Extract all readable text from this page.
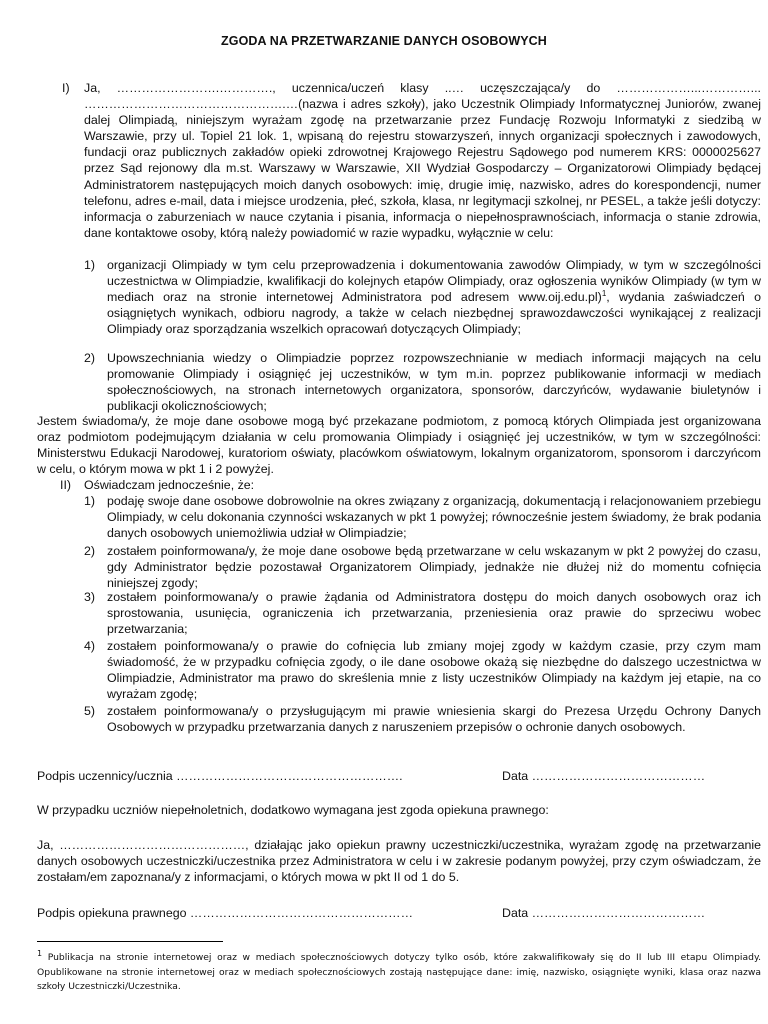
ZGODA NA PRZETWARZANIE DANYCH OSOBOWYCH
I) Ja, …………………….…………., uczennica/uczeń klasy ..… uczęszczająca/y do ………………...…………... ………………………………………….…(nazwa i adres szkoły), jako Uczestnik Olimpiady Informatycznej Juniorów, zwanej dalej Olimpiadą, niniejszym wyrażam zgodę na przetwarzanie przez Fundację Rozwoju Informatyki z siedzibą w Warszawie, przy ul. Topiel 21 lok. 1, wpisaną do rejestru stowarzyszeń, innych organizacji społecznych i zawodowych, fundacji oraz publicznych zakładów opieki zdrowotnej Krajowego Rejestru Sądowego pod numerem KRS: 0000025627 przez Sąd rejonowy dla m.st. Warszawy w Warszawie, XII Wydział Gospodarczy – Organizatorowi Olimpiady będącej Administratorem następujących moich danych osobowych: imię, drugie imię, nazwisko, adres do korespondencji, numer telefonu, adres e-mail, data i miejsce urodzenia, płeć, szkoła, klasa, nr legitymacji szkolnej, nr PESEL, a także jeśli dotyczy: informacja o zaburzeniach w nauce czytania i pisania, informacja o niepełnosprawnościach, informacja o stanie zdrowia, dane kontaktowe osoby, którą należy powiadomić w razie wypadku, wyłącznie w celu:
1) organizacji Olimpiady w tym celu przeprowadzenia i dokumentowania zawodów Olimpiady, w tym w szczególności uczestnictwa w Olimpiadzie, kwalifikacji do kolejnych etapów Olimpiady, oraz ogłoszenia wyników Olimpiady (w tym w mediach oraz na stronie internetowej Administratora pod adresem www.oij.edu.pl)$^1$, wydania zaświadczeń o osiągniętych wynikach, odbioru nagrody, a także w celach niezbędnej sprawozdawczości wynikającej z realizacji Olimpiady oraz sporządzania wszelkich opracowań dotyczących Olimpiady;
2) Upowszechniania wiedzy o Olimpiadzie poprzez rozpowszechnianie w mediach informacji mających na celu promowanie Olimpiady i osiągnięć jej uczestników, w tym m.in. poprzez publikowanie informacji w mediach społecznościowych, na stronach internetowych organizatora, sponsorów, darczyńców, wydawanie biuletynów i publikacji okolicznościowych;
Jestem świadoma/y, że moje dane osobowe mogą być przekazane podmiotom, z pomocą których Olimpiada jest organizowana oraz podmiotom podejmującym działania w celu promowania Olimpiady i osiągnięć jej uczestników, w tym w szczególności: Ministerstwu Edukacji Narodowej, kuratoriom oświaty, placówkom oświatowym, lokalnym organizatorom, sponsorom i darczyńcom w celu, o którym mowa w pkt 1 i 2 powyżej.
II) Oświadczam jednocześnie, że:
1) podaję swoje dane osobowe dobrowolnie na okres związany z organizacją, dokumentacją i relacjonowaniem przebiegu Olimpiady, w celu dokonania czynności wskazanych w pkt 1 powyżej; równocześnie jestem świadomy, że brak podania danych osobowych uniemożliwia udział w Olimpiadzie;
2) zostałem poinformowana/y, że moje dane osobowe będą przetwarzane w celu wskazanym w pkt 2 powyżej do czasu, gdy Administrator będzie pozostawał Organizatorem Olimpiady, jednakże nie dłużej niż do momentu cofnięcia niniejszej zgody;
3) zostałem poinformowana/y o prawie żądania od Administratora dostępu do moich danych osobowych oraz ich sprostowania, usunięcia, ograniczenia ich przetwarzania, przeniesienia oraz prawie do sprzeciwu wobec przetwarzania;
4) zostałem poinformowana/y o prawie do cofnięcia lub zmiany mojej zgody w każdym czasie, przy czym mam świadomość, że w przypadku cofnięcia zgody, o ile dane osobowe okażą się niezbędne do dalszego uczestnictwa w Olimpiadzie, Administrator ma prawo do skreślenia mnie z listy uczestników Olimpiady na każdym jej etapie, na co wyrażam zgodę;
5) zostałem poinformowana/y o przysługującym mi prawie wniesienia skargi do Prezesa Urzędu Ochrony Danych Osobowych w przypadku przetwarzania danych z naruszeniem przepisów o ochronie danych osobowych.
Podpis uczennicy/ucznia ……………………………………………….	Data ……………………………………
W przypadku uczniów niepełnoletnich, dodatkowo wymagana jest zgoda opiekuna prawnego:
Ja, ………………………………………, działając jako opiekun prawny uczestniczki/uczestnika, wyrażam zgodę na przetwarzanie danych osobowych uczestniczki/uczestnika przez Administratora w celu i w zakresie podanym powyżej, przy czym oświadczam, że zostałam/em zapoznana/y z informacjami, o których mowa w pkt II od 1 do 5.
Podpis opiekuna prawnego ………………………………………………	Data ……………………………………
$^1$ Publikacja na stronie internetowej oraz w mediach społecznościowych dotyczy tylko osób, które zakwalifikowały się do II lub III etapu Olimpiady. Opublikowane na stronie internetowej oraz w mediach społecznościowych zostają następujące dane: imię, nazwisko, osiągnięte wyniki, klasa oraz nazwa szkoły Uczestniczki/Uczestnika.
